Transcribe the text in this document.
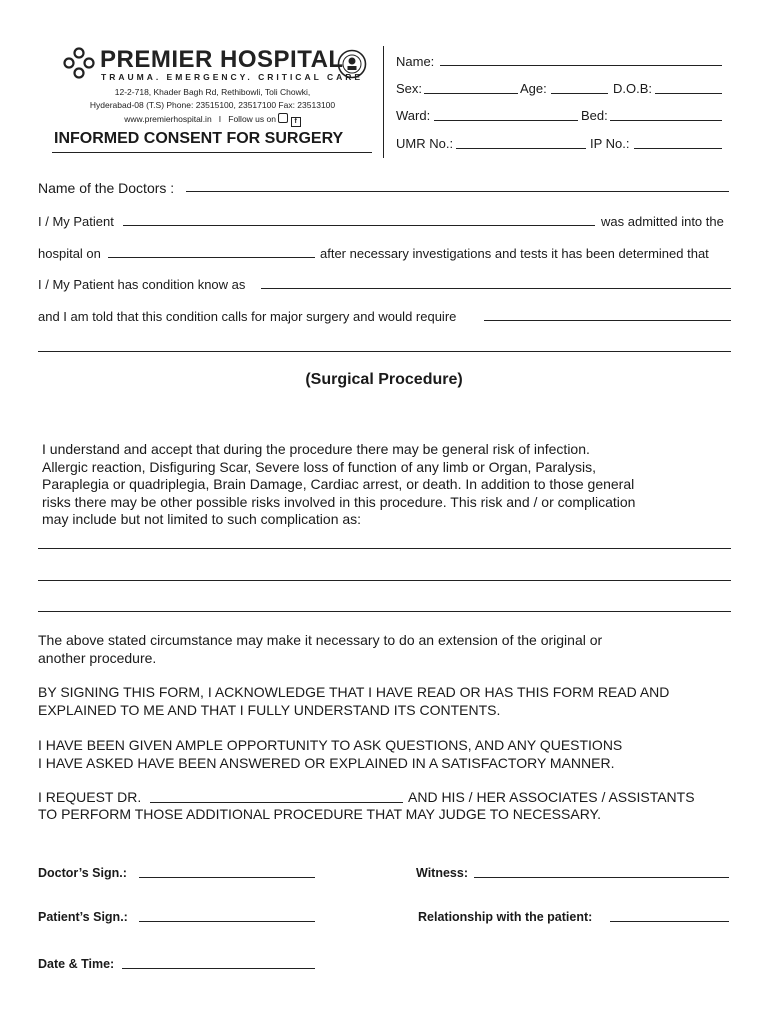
PREMIER HOSPITAL
TRAUMA. EMERGENCY. CRITICAL CARE
12-2-718, Khader Bagh Rd, Rethibowli, Toli Chowki,
Hyderabad-08 (T.S) Phone: 23515100, 23517100 Fax: 23513100
www.premierhospital.in   I   Follow us on	f
INFORMED CONSENT FOR SURGERY
Name:
Sex:	Age:	D.O.B:
Ward:	Bed:
UMR No.:	IP No.:
Name of the Doctors :
I / My Patient	was admitted into the
hospital on	after necessary investigations and tests it has been determined that
I / My Patient has condition know as
and I am told that this condition calls for major surgery and would require
(Surgical Procedure)
I understand and accept that during the procedure there may be general risk of infection.
Allergic reaction, Disfiguring Scar, Severe loss of function of any limb or Organ, Paralysis,
Paraplegia or quadriplegia, Brain Damage, Cardiac arrest, or death. In addition to those general
risks there may be other possible risks involved in this procedure. This risk and / or complication
may include but not limited to such complication as:
The above stated circumstance may make it necessary to do an extension of the original or
another procedure.
BY SIGNING THIS FORM, I ACKNOWLEDGE THAT I HAVE READ OR HAS THIS FORM READ AND
EXPLAINED TO ME AND THAT I FULLY UNDERSTAND ITS CONTENTS.
I HAVE BEEN GIVEN AMPLE OPPORTUNITY TO ASK QUESTIONS, AND ANY QUESTIONS
I HAVE ASKED HAVE BEEN ANSWERED OR EXPLAINED IN A SATISFACTORY MANNER.
I REQUEST DR.	AND HIS / HER ASSOCIATES / ASSISTANTS
TO PERFORM THOSE ADDITIONAL PROCEDURE THAT MAY JUDGE TO NECESSARY.
Doctor’s Sign.:	Witness:
Patient’s Sign.:	Relationship with the patient:
Date & Time:
